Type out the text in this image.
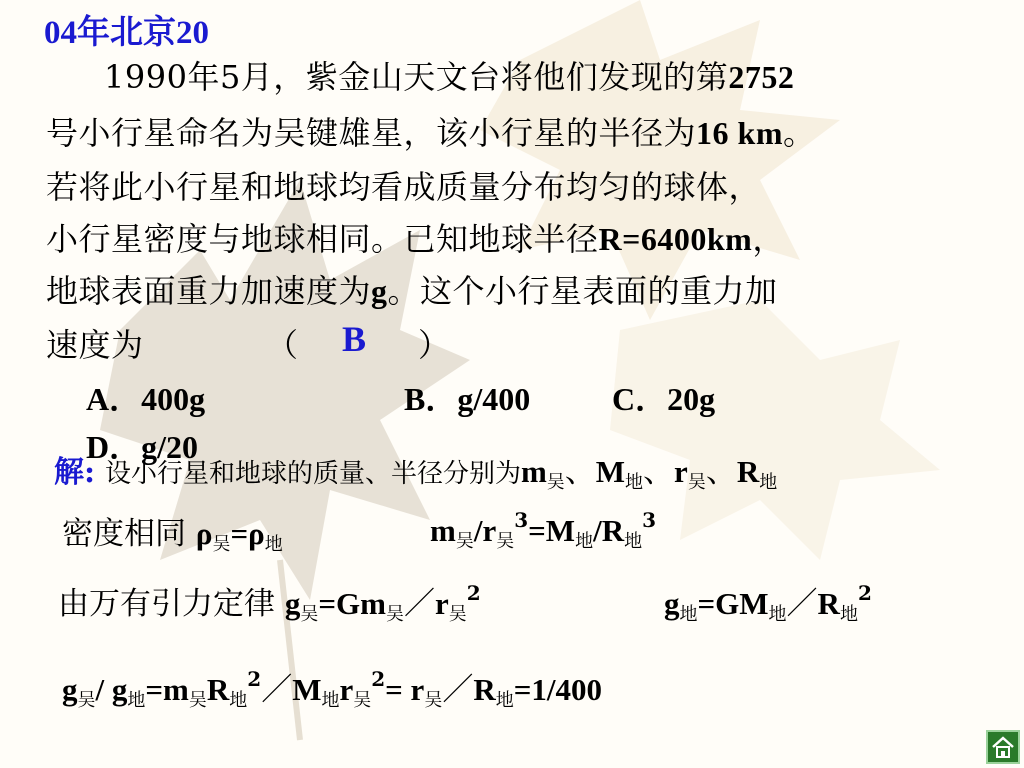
04年北京20
1990年5月，紫金山天文台将他们发现的第2752
号小行星命名为吴键雄星，该小行星的半径为16 km。
若将此小行星和地球均看成质量分布均匀的球体，
小行星密度与地球相同。已知地球半径R=6400km，
地球表面重力加速度为g。这个小行星表面的重力加
速度为	（	）
B
A．400g	B．g/400	C．20g
D．g/20
解: 设小行星和地球的质量、半径分别为$m_吴$、$M_地$、$r_吴$、$R_地$
密度相同 $\rho_吴=\rho_地$	$m_吴/r_吴^3=M_地/R_地^3$
由万有引力定律 $g_吴=Gm_吴/r_吴^2$	$g_地=GM_地/R_地^2$
$g_吴/$ $g_地=m_吴R_地^2/M_地r_吴^2=$ $r_吴/R_地=1/400$
